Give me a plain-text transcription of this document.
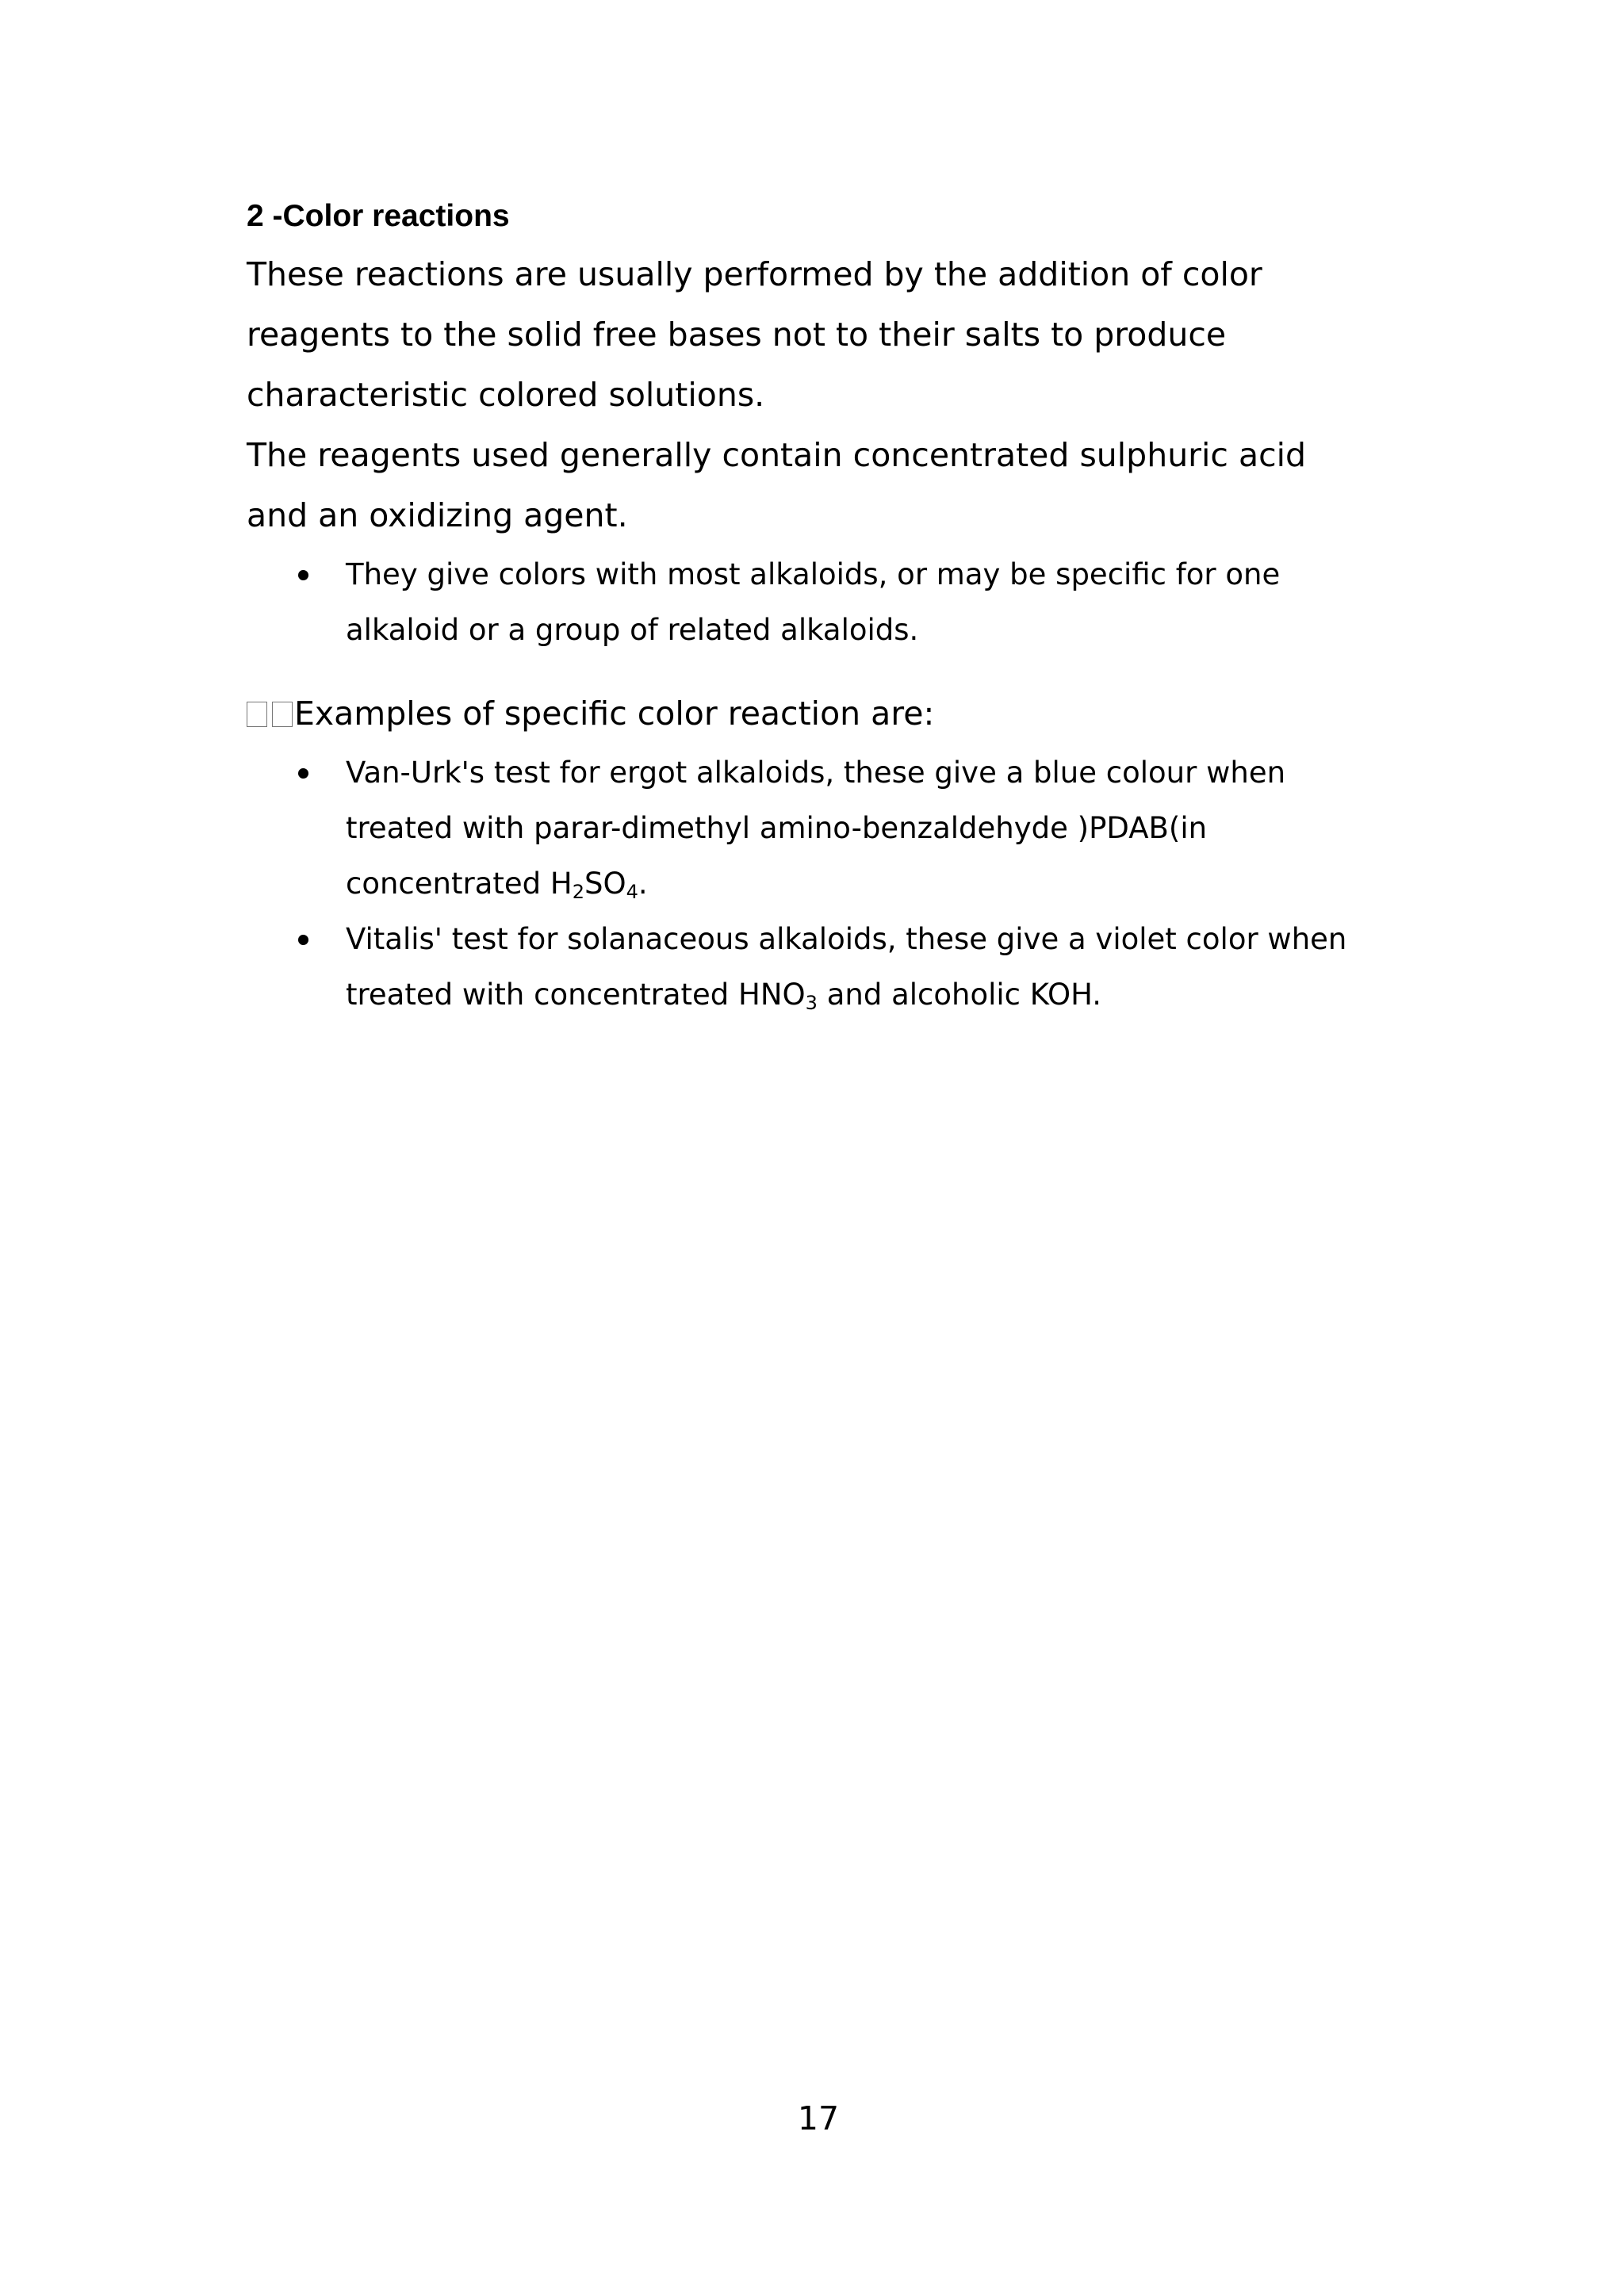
2 -Color reactions
These reactions are usually performed by the addition of color
reagents to the solid free bases not to their salts to produce
characteristic colored solutions.
The reagents used generally contain concentrated sulphuric acid
and an oxidizing agent.
They give colors with most alkaloids, or may be specific for one
alkaloid or a group of related alkaloids.
Examples of specific color reaction are:
Van-Urk's test for ergot alkaloids, these give a blue colour when
treated with parar-dimethyl amino-benzaldehyde )PDAB(in
concentrated $H_2SO_4$.
Vitalis' test for solanaceous alkaloids, these give a violet color when
treated with concentrated $HNO_3$ and alcoholic KOH.
17
